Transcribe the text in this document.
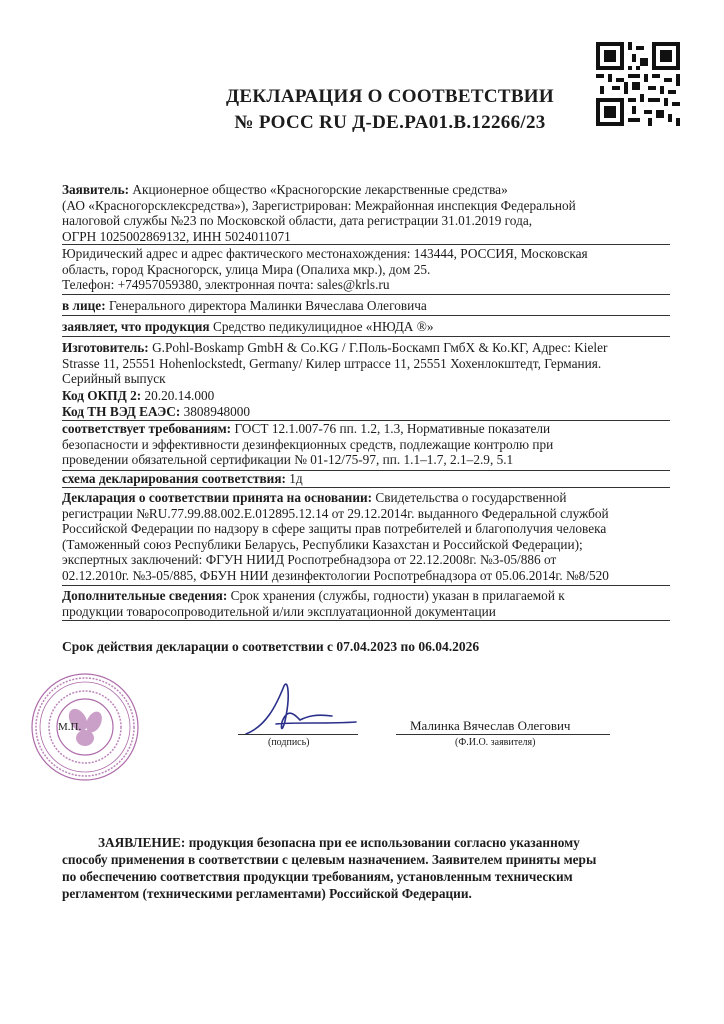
ДЕКЛАРАЦИЯ О СООТВЕТСТВИИ
№ РОСС RU Д-DE.PA01.B.12266/23
Заявитель: Акционерное общество «Красногорские лекарственные средства»
(АО «Красногорсклексредства»), Зарегистрирован: Межрайонная инспекция Федеральной
налоговой службы №23 по Московской области, дата регистрации 31.01.2019 года,
ОГРН 1025002869132, ИНН 5024011071
Юридический адрес и адрес фактического местонахождения: 143444, РОССИЯ, Московская
область, город Красногорск, улица Мира (Опалиха мкр.), дом 25.
Телефон: +74957059380, электронная почта: sales@krls.ru
в лице: Генерального директора Малинки Вячеслава Олеговича
заявляет, что продукция Средство педикулицидное «НЮДА ®»
Изготовитель: G.Pohl-Boskamp GmbH & Co.KG / Г.Поль-Боскамп ГмбХ & Ко.КГ, Адрес: Kieler
Strasse 11, 25551 Hohenlockstedt, Germany/ Килер штрассе 11, 25551 Хохенлокштедт, Германия.
Серийный выпуск
Код ОКПД 2: 20.20.14.000
Код ТН ВЭД ЕАЭС: 3808948000
соответствует требованиям: ГОСТ 12.1.007-76 пп. 1.2, 1.3, Нормативные показатели
безопасности и эффективности дезинфекционных средств, подлежащие контролю при
проведении обязательной сертификации № 01-12/75-97, пп. 1.1–1.7, 2.1–2.9, 5.1
схема декларирования соответствия: 1д
Декларация о соответствии принята на основании: Свидетельства о государственной
регистрации №RU.77.99.88.002.E.012895.12.14 от 29.12.2014г. выданного Федеральной службой
Российской Федерации по надзору в сфере защиты прав потребителей и благополучия человека
(Таможенный союз Республики Беларусь, Республики Казахстан и Российской Федерации);
экспертных заключений: ФГУН НИИД Роспотребнадзора от 22.12.2008г. №3-05/886 от
02.12.2010г. №3-05/885, ФБУН НИИ дезинфектологии Роспотребнадзора от 05.06.2014г. №8/520
Дополнительные сведения: Срок хранения (службы, годности) указан в прилагаемой к
продукции товаросопроводительной и/или эксплуатационной документации
Срок действия декларации о соответствии с 07.04.2023 по 06.04.2026
М.П.
(подпись)
Малинка Вячеслав Олегович
(Ф.И.О. заявителя)
ЗАЯВЛЕНИЕ: продукция безопасна при ее использовании согласно указанному
способу применения в соответствии с целевым назначением. Заявителем приняты меры
по обеспечению соответствия продукции требованиям, установленным техническим
регламентом (техническими регламентами) Российской Федерации.
